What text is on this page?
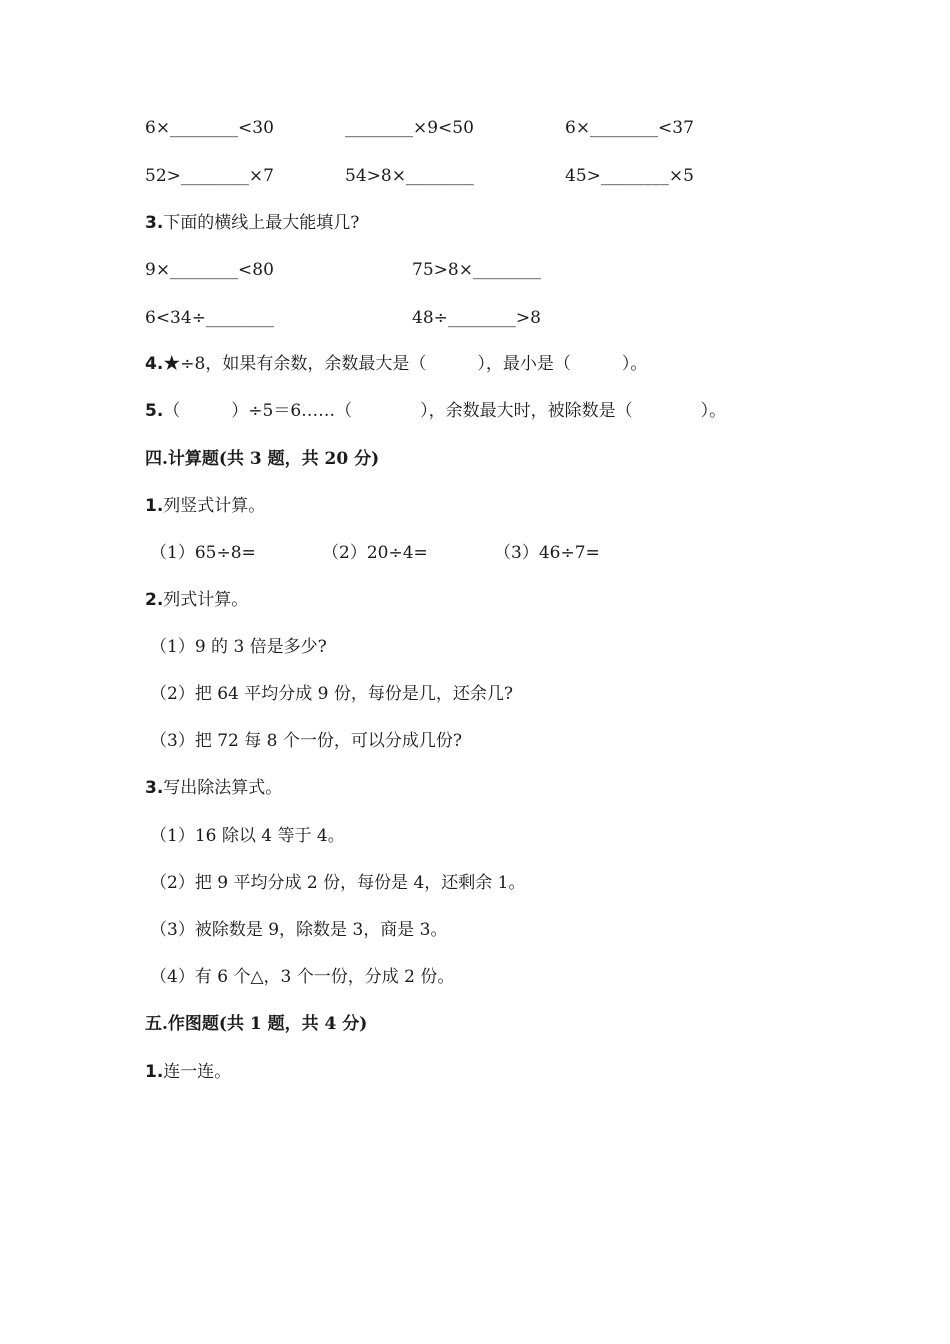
6×________<30	________×9<50	6×________<37
52>________×7	54>8×________	45>________×5
3.下面的横线上最大能填几?
9×________<80	75>8×________
6<34÷________	48÷________>8
4.★÷8，如果有余数，余数最大是（　　　），最小是（　　　）。
5.（　　　）÷5＝6……（　　　　），余数最大时，被除数是（　　　　）。
四.计算题(共 3 题，共 20 分)
1.列竖式计算。
（1）65÷8=	（2）20÷4=	（3）46÷7=
2.列式计算。
（1）9 的 3 倍是多少?
（2）把 64 平均分成 9 份，每份是几，还余几?
（3）把 72 每 8 个一份，可以分成几份?
3.写出除法算式。
（1）16 除以 4 等于 4。
（2）把 9 平均分成 2 份，每份是 4，还剩余 1。
（3）被除数是 9，除数是 3，商是 3。
（4）有 6 个△，3 个一份，分成 2 份。
五.作图题(共 1 题，共 4 分)
1.连一连。
